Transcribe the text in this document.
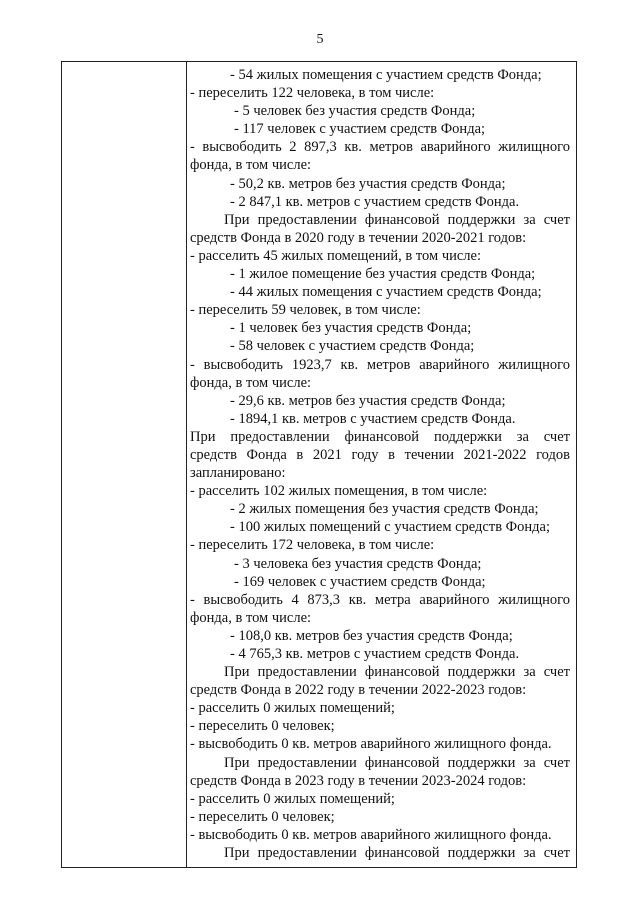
5
- 54 жилых помещения с участием средств Фонда;
- переселить 122 человека, в том числе:
- 5 человек без участия средств Фонда;
- 117 человек с участием средств Фонда;
- высвободить 2 897,3 кв. метров аварийного жилищного
фонда, в том числе:
- 50,2 кв. метров без участия средств Фонда;
- 2 847,1 кв. метров с участием средств Фонда.
При предоставлении финансовой поддержки за счет
средств Фонда в 2020 году в течении 2020-2021 годов:
- расселить 45 жилых помещений, в том числе:
- 1 жилое помещение без участия средств Фонда;
- 44 жилых помещения с участием средств Фонда;
- переселить 59 человек, в том числе:
- 1 человек без участия средств Фонда;
- 58 человек с участием средств Фонда;
- высвободить 1923,7 кв. метров аварийного жилищного
фонда, в том числе:
- 29,6 кв. метров без участия средств Фонда;
- 1894,1 кв. метров с участием средств Фонда.
При предоставлении финансовой поддержки за счет
средств Фонда в 2021 году в течении 2021-2022 годов
запланировано:
- расселить 102 жилых помещения, в том числе:
- 2 жилых помещения без участия средств Фонда;
- 100 жилых помещений с участием средств Фонда;
- переселить 172 человека, в том числе:
- 3 человека без участия средств Фонда;
- 169 человек с участием средств Фонда;
- высвободить 4 873,3 кв. метра аварийного жилищного
фонда, в том числе:
- 108,0 кв. метров без участия средств Фонда;
- 4 765,3 кв. метров с участием средств Фонда.
При предоставлении финансовой поддержки за счет
средств Фонда в 2022 году в течении 2022-2023 годов:
- расселить 0 жилых помещений;
- переселить 0 человек;
- высвободить 0 кв. метров аварийного жилищного фонда.
При предоставлении финансовой поддержки за счет
средств Фонда в 2023 году в течении 2023-2024 годов:
- расселить 0 жилых помещений;
- переселить 0 человек;
- высвободить 0 кв. метров аварийного жилищного фонда.
При предоставлении финансовой поддержки за счет
